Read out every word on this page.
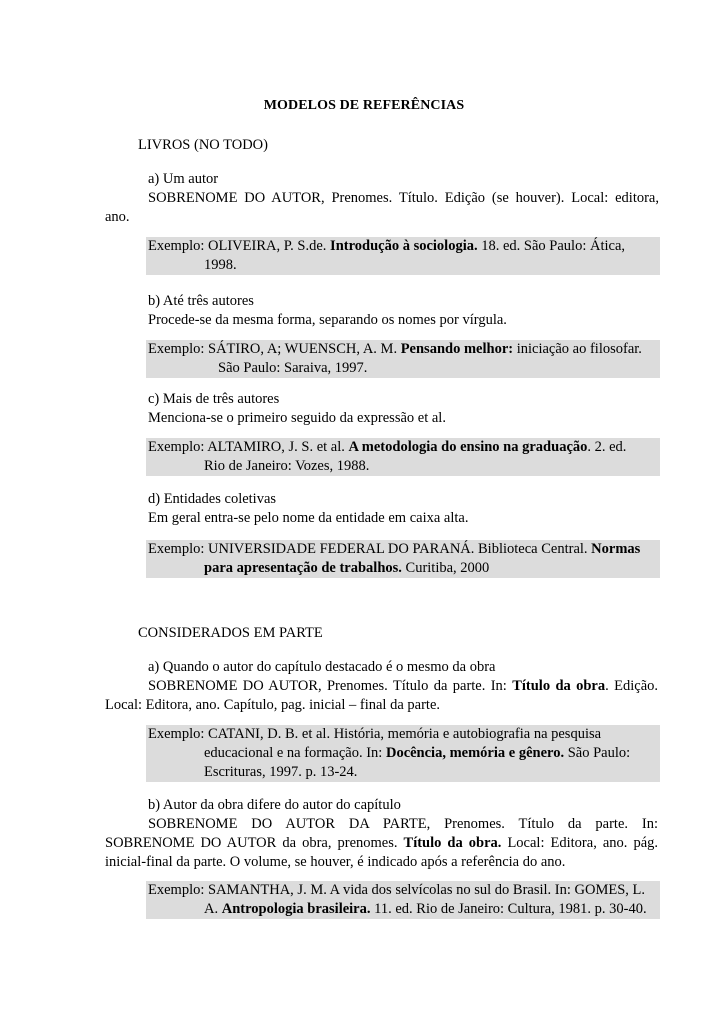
MODELOS DE REFERÊNCIAS
LIVROS (NO TODO)
a) Um autor
SOBRENOME DO AUTOR, Prenomes. Título. Edição (se houver). Local: editora,
ano.
Exemplo: OLIVEIRA, P. S.de. Introdução à sociologia. 18. ed. São Paulo: Ática,
1998.
b) Até três autores
Procede-se da mesma forma, separando os nomes por vírgula.
Exemplo: SÁTIRO, A; WUENSCH, A. M. Pensando melhor: iniciação ao filosofar.
São Paulo: Saraiva, 1997.
c) Mais de três autores
Menciona-se o primeiro seguido da expressão et al.
Exemplo: ALTAMIRO, J. S. et al. A metodologia do ensino na graduação. 2. ed.
Rio de Janeiro: Vozes, 1988.
d) Entidades coletivas
Em geral entra-se pelo nome da entidade em caixa alta.
Exemplo: UNIVERSIDADE FEDERAL DO PARANÁ. Biblioteca Central. Normas
para apresentação de trabalhos. Curitiba, 2000
CONSIDERADOS EM PARTE
a) Quando o autor do capítulo destacado é o mesmo da obra
SOBRENOME DO AUTOR, Prenomes. Título da parte. In: Título da obra. Edição.
Local: Editora, ano. Capítulo, pag. inicial – final da parte.
Exemplo: CATANI, D. B. et al. História, memória e autobiografia na pesquisa
educacional e na formação. In: Docência, memória e gênero. São Paulo:
Escrituras, 1997. p. 13-24.
b) Autor da obra difere do autor do capítulo
SOBRENOME DO AUTOR DA PARTE, Prenomes. Título da parte. In:
SOBRENOME DO AUTOR da obra, prenomes. Título da obra. Local: Editora, ano. pág.
inicial-final da parte. O volume, se houver, é indicado após a referência do ano.
Exemplo: SAMANTHA, J. M. A vida dos selvícolas no sul do Brasil. In: GOMES, L.
A. Antropologia brasileira. 11. ed. Rio de Janeiro: Cultura, 1981. p. 30-40.
